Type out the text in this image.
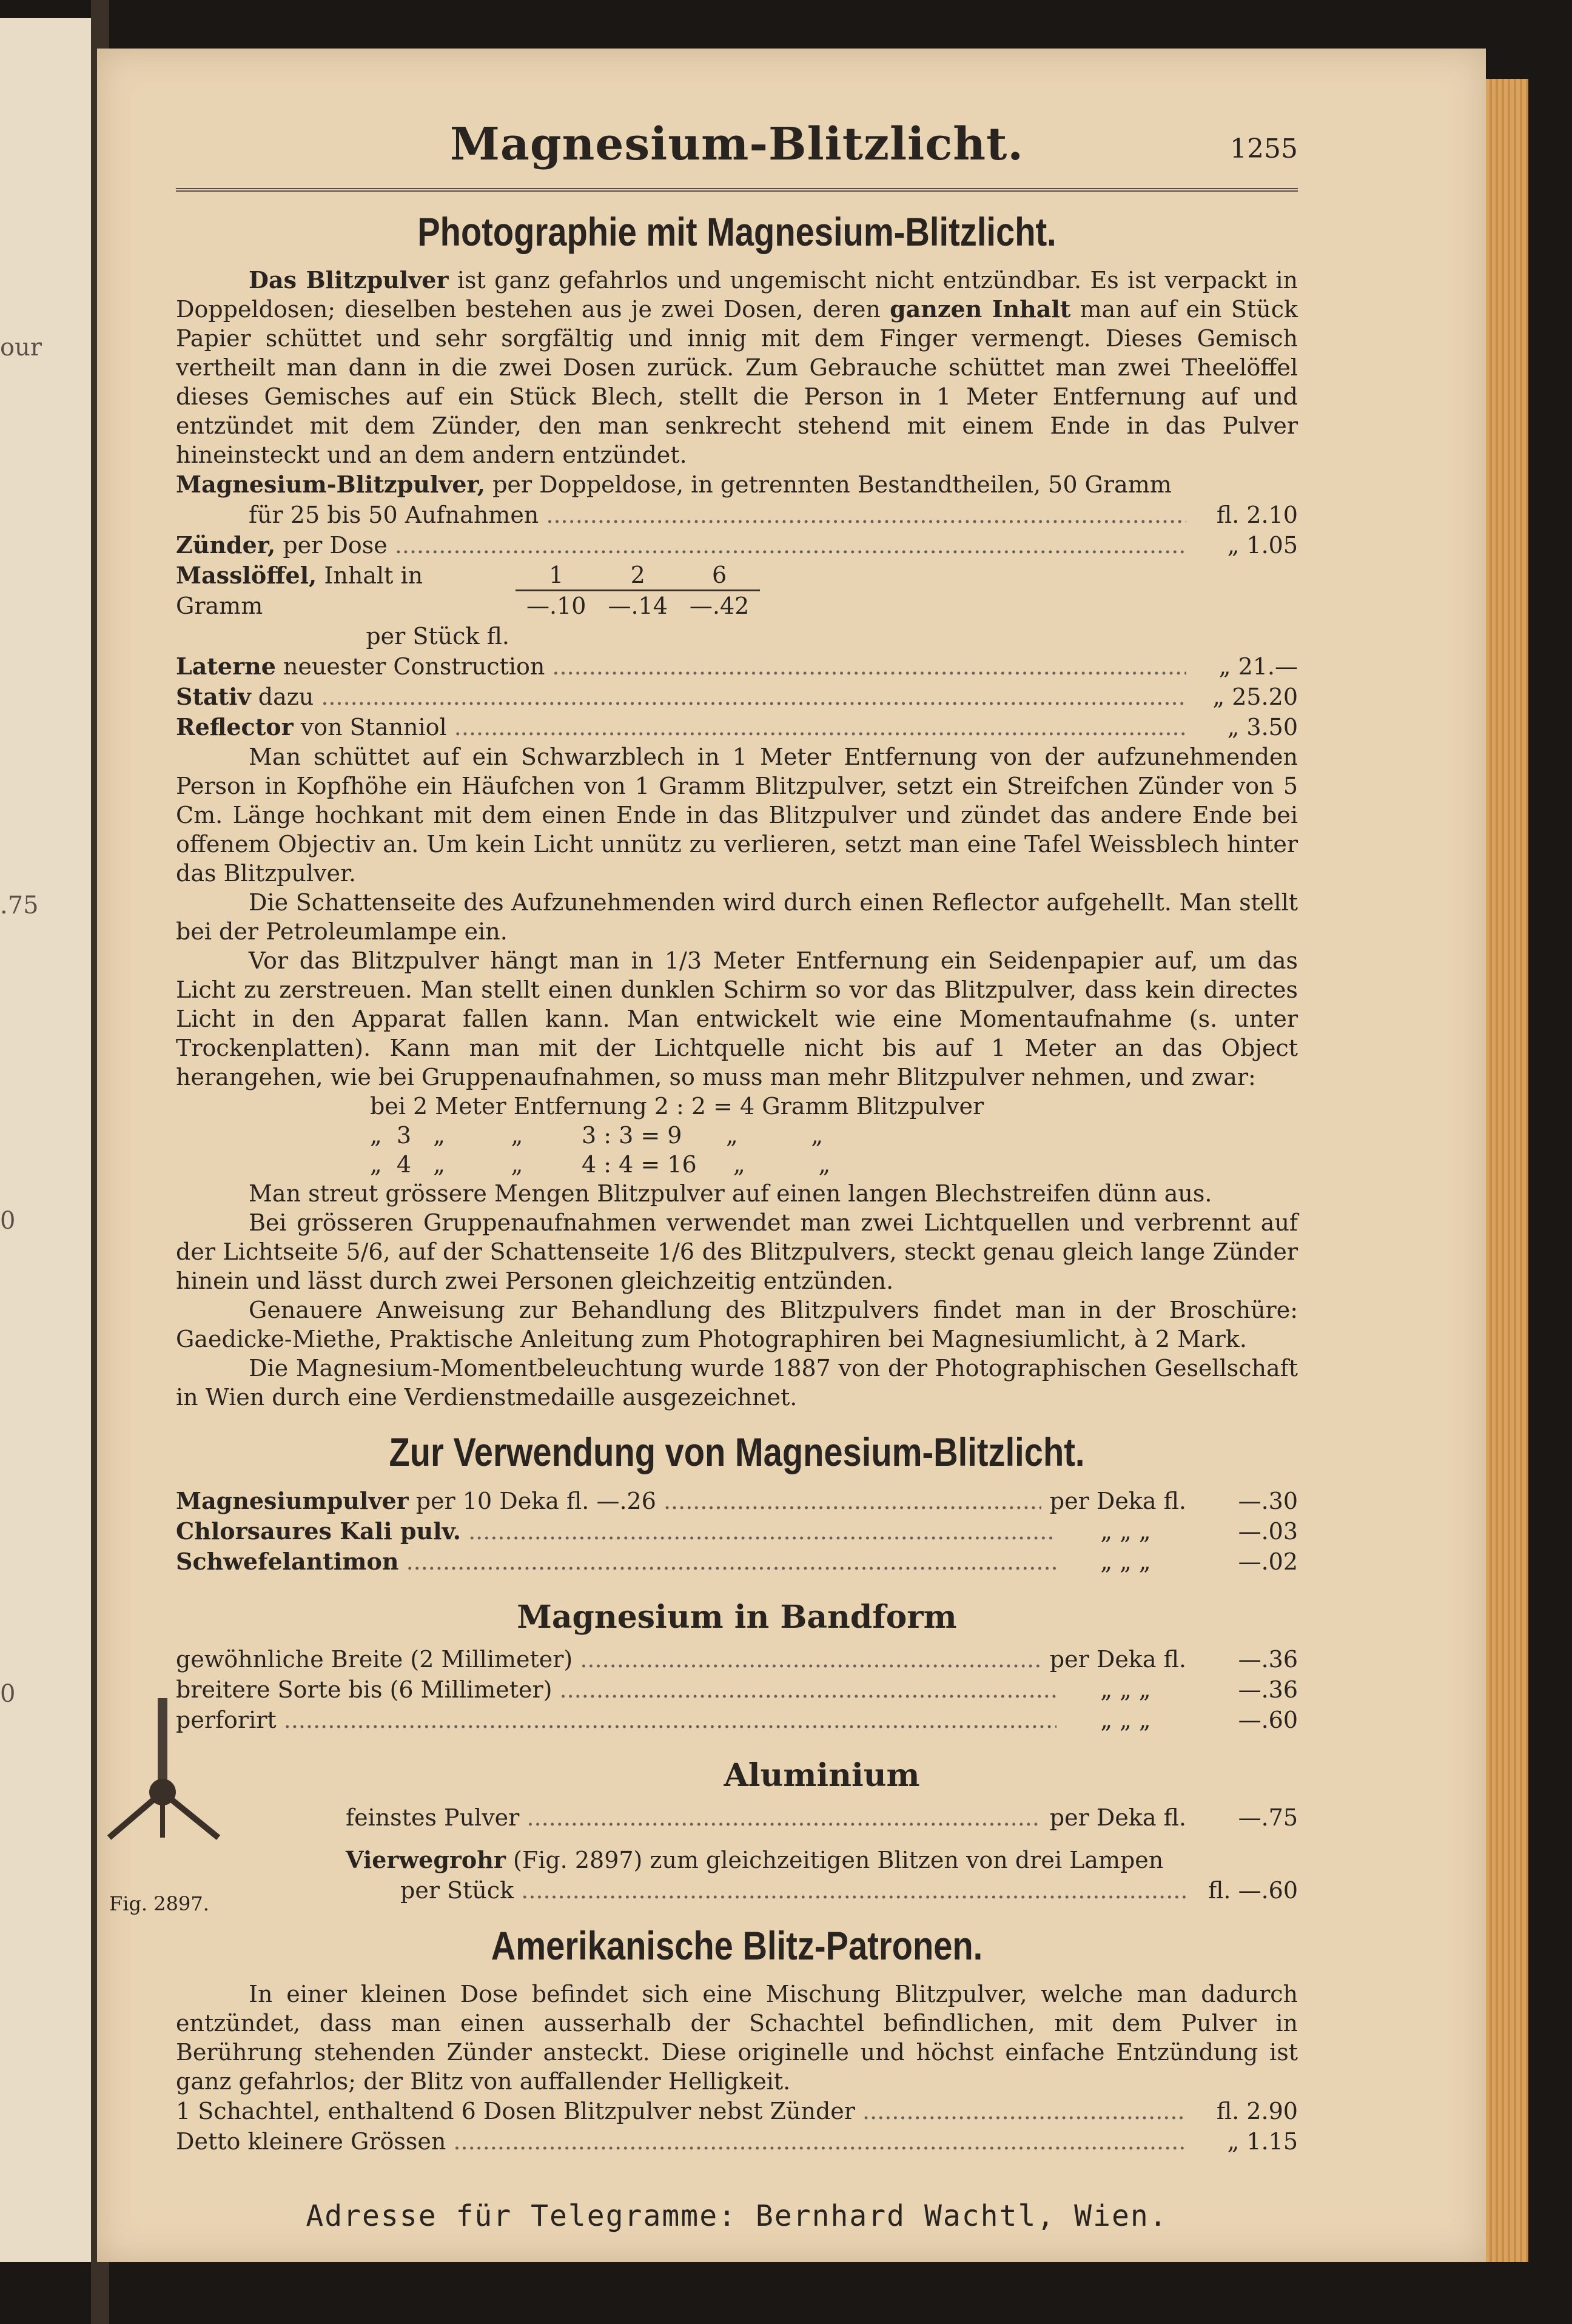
our
.75
0
0
Magnesium-Blitzlicht.	1255
Photographie mit Magnesium-Blitzlicht.

Das Blitzpulver ist ganz gefahrlos und ungemischt nicht entzündbar. Es ist verpackt in Doppeldosen; dieselben bestehen aus je zwei Dosen, deren ganzen Inhalt man auf ein Stück Papier schüttet und sehr sorgfältig und innig mit dem Finger vermengt. Dieses Gemisch vertheilt man dann in die zwei Dosen zurück. Zum Gebrauche schüttet man zwei Theelöffel dieses Gemisches auf ein Stück Blech, stellt die Person in 1 Meter Entfernung auf und entzündet mit dem Zünder, den man senkrecht stehend mit einem Ende in das Pulver hineinsteckt und an dem andern entzündet.

Magnesium-Blitzpulver, per Doppeldose, in getrennten Bestandtheilen, 50 Gramm
für 25 bis 50 Aufnahmen .....	fl. 2.10
Zünder, per Dose .....	„ 1.05
Masslöffel, Inhalt in Gramm
per Stück fl.
1	2	6
—.10	—.14	—.42
Laterne neuester Construction .....	„ 21.—
Stativ dazu .....	„ 25.20
Reflector von Stanniol .....	„ 3.50

Man schüttet auf ein Schwarzblech in 1 Meter Entfernung von der aufzunehmenden Person in Kopfhöhe ein Häufchen von 1 Gramm Blitzpulver, setzt ein Streifchen Zünder von 5 Cm. Länge hochkant mit dem einen Ende in das Blitzpulver und zündet das andere Ende bei offenem Objectiv an. Um kein Licht unnütz zu verlieren, setzt man eine Tafel Weissblech hinter das Blitzpulver.

Die Schattenseite des Aufzunehmenden wird durch einen Reflector aufgehellt. Man stellt bei der Petroleumlampe ein.

Vor das Blitzpulver hängt man in 1/3 Meter Entfernung ein Seidenpapier auf, um das Licht zu zerstreuen. Man stellt einen dunklen Schirm so vor das Blitzpulver, dass kein directes Licht in den Apparat fallen kann. Man entwickelt wie eine Momentaufnahme (s. unter Trockenplatten). Kann man mit der Lichtquelle nicht bis auf 1 Meter an das Object herangehen, wie bei Gruppenaufnahmen, so muss man mehr Blitzpulver nehmen, und zwar:

bei 2 Meter Entfernung 2 : 2 = 4 Gramm Blitzpulver
„  3   „         „        3 : 3 = 9      „          „
„  4   „         „        4 : 4 = 16     „          „

Man streut grössere Mengen Blitzpulver auf einen langen Blechstreifen dünn aus.

Bei grösseren Gruppenaufnahmen verwendet man zwei Lichtquellen und verbrennt auf der Lichtseite 5/6, auf der Schattenseite 1/6 des Blitzpulvers, steckt genau gleich lange Zünder hinein und lässt durch zwei Personen gleichzeitig entzünden.

Genauere Anweisung zur Behandlung des Blitzpulvers findet man in der Broschüre: Gaedicke-Miethe, Praktische Anleitung zum Photographiren bei Magnesiumlicht, à 2 Mark.

Die Magnesium-Momentbeleuchtung wurde 1887 von der Photographischen Gesellschaft in Wien durch eine Verdienstmedaille ausgezeichnet.

Zur Verwendung von Magnesium-Blitzlicht.
Magnesiumpulver per 10 Deka fl. —.26 .....	per Deka fl.	—.30
Chlorsaures Kali pulv. .....	„ „ „	—.03
Schwefelantimon .....	„ „ „	—.02
Magnesium in Bandform
gewöhnliche Breite (2 Millimeter) .....	per Deka fl.	—.36
breitere Sorte bis (6 Millimeter) .....	„ „ „	—.36
perforirt .....	„ „ „	—.60
Aluminium
feinstes Pulver .....	per Deka fl.	—.75
Vierwegrohr (Fig. 2897) zum gleichzeitigen Blitzen von drei Lampen
per Stück .....	fl. —.60
Amerikanische Blitz-Patronen.

In einer kleinen Dose befindet sich eine Mischung Blitzpulver, welche man dadurch entzündet, dass man einen ausserhalb der Schachtel befindlichen, mit dem Pulver in Berührung stehenden Zünder ansteckt. Diese originelle und höchst einfache Entzündung ist ganz gefahrlos; der Blitz von auffallender Helligkeit.

1 Schachtel, enthaltend 6 Dosen Blitzpulver nebst Zünder .....	fl. 2.90
Detto kleinere Grössen .....	„ 1.15
Adresse für Telegramme: Bernhard Wachtl, Wien.
Fig. 2897.
